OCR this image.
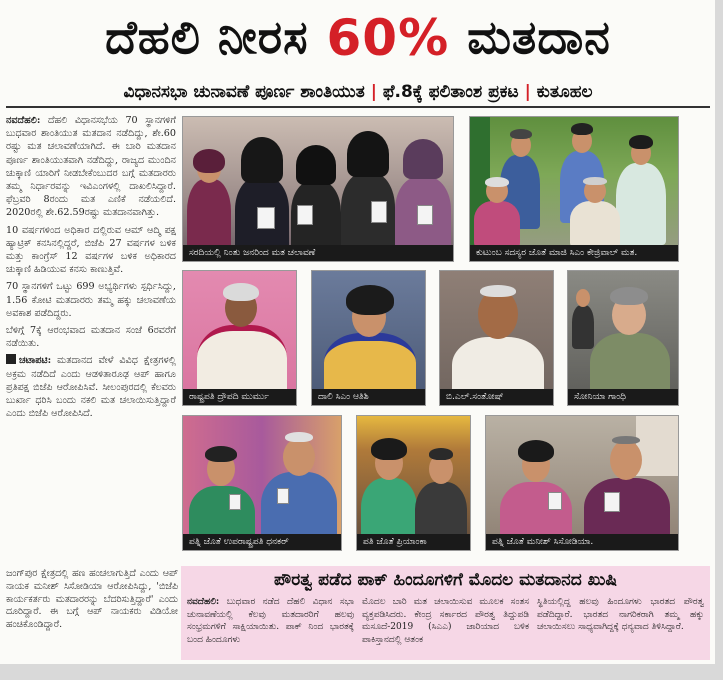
ದೆಹಲಿ ನೀರಸ 60% ಮತದಾನ
ವಿಧಾನಸಭಾ ಚುನಾವಣೆ ಪೂರ್ಣ ಶಾಂತಿಯುತ | ಫೆ.8ಕ್ಕೆ ಫಲಿತಾಂಶ ಪ್ರಕಟ | ಕುತೂಹಲ

ನವದೆಹಲಿ: ದೆಹಲಿ ವಿಧಾನಸಭೆಯ 70 ಸ್ಥಾನಗಳಿಗೆ ಬುಧವಾರ ಶಾಂತಿಯುತ ಮತದಾನ ನಡೆದಿದ್ದು, ಶೇ.60 ರಷ್ಟು ಮತ ಚಲಾವಣೆಯಾಗಿದೆ. ಈ ಬಾರಿ ಮತದಾನ ಪೂರ್ಣ ಶಾಂತಿಯುತವಾಗಿ ನಡೆದಿದ್ದು, ರಾಜ್ಯದ ಮುಂದಿನ ಚುಕ್ಕಾಣಿ ಯಾರಿಗೆ ನೀಡಬೇಕೆಂಬುದರ ಬಗ್ಗೆ ಮತದಾರರು ತಮ್ಮ ನಿರ್ಧಾರವನ್ನು ಇವಿಎಂಗಳಲ್ಲಿ ದಾಖಲಿಸಿದ್ದಾರೆ. ಫೆಬ್ರವರಿ 8ರಂದು ಮತ ಎಣಿಕೆ ನಡೆಯಲಿದೆ. 2020ರಲ್ಲಿ ಶೇ.62.59ರಷ್ಟು ಮತದಾನವಾಗಿತ್ತು.

10 ವರ್ಷಗಳಿಂದ ಅಧಿಕಾರ ದಲ್ಲಿರುವ ಆಮ್ ಆದ್ಮಿ ಪಕ್ಷ ಹ್ಯಾಟ್ರಿಕ್ ಕನಸಿನಲ್ಲಿದ್ದರೆ, ಬಿಜೆಪಿ 27 ವರ್ಷಗಳ ಬಳಿಕ ಮತ್ತು ಕಾಂಗ್ರೆಸ್ 12 ವರ್ಷಗಳ ಬಳಿಕ ಅಧಿಕಾರದ ಚುಕ್ಕಾಣಿ ಹಿಡಿಯುವ ಕನಸು ಕಾಣುತ್ತಿವೆ.

70 ಸ್ಥಾನಗಳಿಗೆ ಒಟ್ಟು 699 ಅಭ್ಯರ್ಥಿಗಳು ಸ್ಪರ್ಧಿಸಿದ್ದು, 1.56 ಕೋಟಿ ಮತದಾರರು ತಮ್ಮ ಹಕ್ಕು ಚಲಾವಣೆಯ ಅವಕಾಶ ಪಡೆದಿದ್ದರು.

ಬೆಳಿಗ್ಗೆ 7ಕ್ಕೆ ಆರಂಭವಾದ ಮತದಾನ ಸಂಜೆ 6ರವರೆಗೆ ನಡೆಯಿತು.

ಚಟಾಪಟಿ: ಮತದಾನದ ವೇಳೆ ವಿವಿಧ ಕ್ಷೇತ್ರಗಳಲ್ಲಿ ಅಕ್ರಮ ನಡೆದಿದೆ ಎಂದು ಆಡಳಿತಾರೂಢ ಆಪ್ ಹಾಗೂ ಪ್ರತಿಪಕ್ಷ ಬಿಜೆಪಿ ಆರೋಪಿಸಿವೆ. ಸೀಲಂಪುರದಲ್ಲಿ ಕೆಲವರು ಬುರ್ಖಾ ಧರಿಸಿ ಬಂದು ನಕಲಿ ಮತ ಚಲಾಯಿಸುತ್ತಿದ್ದಾರೆ ಎಂದು ಬಿಜೆಪಿ ಆರೋಪಿಸಿದೆ.

ಜಂಗ್‌ಪುರ ಕ್ಷೇತ್ರದಲ್ಲಿ ಹಣ ಹಂಚಲಾಗುತ್ತಿದೆ ಎಂದು ಆಪ್ ನಾಯಕ ಮನೀಶ್ ಸಿಸೋಡಿಯಾ ಆರೋಪಿಸಿದ್ದು, 'ಬಿಜೆಪಿ ಕಾರ್ಯಕರ್ತರು ಮತದಾರರನ್ನು ಬೆದರಿಸುತ್ತಿದ್ದಾರೆ' ಎಂದು ದೂರಿದ್ದಾರೆ. ಈ ಬಗ್ಗೆ ಆಪ್ ನಾಯಕರು ವಿಡಿಯೋ ಹಂಚಿಕೊಂಡಿದ್ದಾರೆ.

ಸರದಿಯಲ್ಲಿ ನಿಂತು ಜನರಿಂದ ಮತ ಚಲಾವಣೆ	ಕುಟುಂಬ ಸದಸ್ಯರ ಜೊತೆ ಮಾಜಿ ಸಿಎಂ ಕೇಜ್ರಿವಾಲ್ ಮತ.
ರಾಷ್ಟ್ರಪತಿ ದ್ರೌಪದಿ ಮುರ್ಮು	ದಾಲಿ ಸಿಎಂ ಆತಿಶಿ	ಬಿ.ಎಲ್.ಸಂತೋಷ್	ಸೋನಿಯಾ ಗಾಂಧಿ
ಪತ್ನಿ ಜೊತೆ ಉಪರಾಷ್ಟ್ರಪತಿ ಧನಕರ್	ಪತಿ ಜೊತೆ ಪ್ರಿಯಾಂಕಾ	ಪತ್ನಿ ಜೊತೆ ಮನೀಶ್ ಸಿಸೋಡಿಯಾ.
ಪೌರತ್ವ ಪಡೆದ ಪಾಕ್ ಹಿಂದೂಗಳಿಗೆ ಮೊದಲ ಮತದಾನದ ಖುಷಿ

ನವದೆಹಲಿ: ಬುಧವಾರ ನಡೆದ ದೆಹಲಿ ವಿಧಾನ ಸಭಾ ಚುನಾವಣೆಯಲ್ಲಿ ಕೆಲವು ಮತದಾರರಿಗೆ ಹಲವು ಸಂಭ್ರಮಗಳಿಗೆ ಸಾಕ್ಷಿಯಾಯಿತು. ಪಾಕ್ ನಿಂದ ಭಾರತಕ್ಕೆ ಬಂದ ಹಿಂದೂಗಳು

ಮೊದಲ ಬಾರಿ ಮತ ಚಲಾಯಿಸುವ ಮೂಲಕ ಸಂತಸ ವ್ಯಕ್ತಪಡಿಸಿದರು. ಕೇಂದ್ರ ಸರ್ಕಾರದ ಪೌರತ್ವ ತಿದ್ದುಪಡಿ ಮಸೂದೆ-2019 (ಸಿಎಎ) ಜಾರಿಯಾದ ಬಳಿಕ ಪಾಕಿಸ್ತಾನದಲ್ಲಿ ಆತಂಕ

ಸ್ಥಿತಿಯಲ್ಲಿದ್ದ ಹಲವು ಹಿಂದೂಗಳು ಭಾರತದ ಪೌರತ್ವ ಪಡೆದಿದ್ದಾರೆ. ಭಾರತದ ನಾಗರಿಕರಾಗಿ ತಮ್ಮ ಹಕ್ಕು ಚಲಾಯಿಸಲು ಸಾಧ್ಯವಾಗಿದ್ದಕ್ಕೆ ಧನ್ಯವಾದ ತಿಳಿಸಿದ್ದಾರೆ.
